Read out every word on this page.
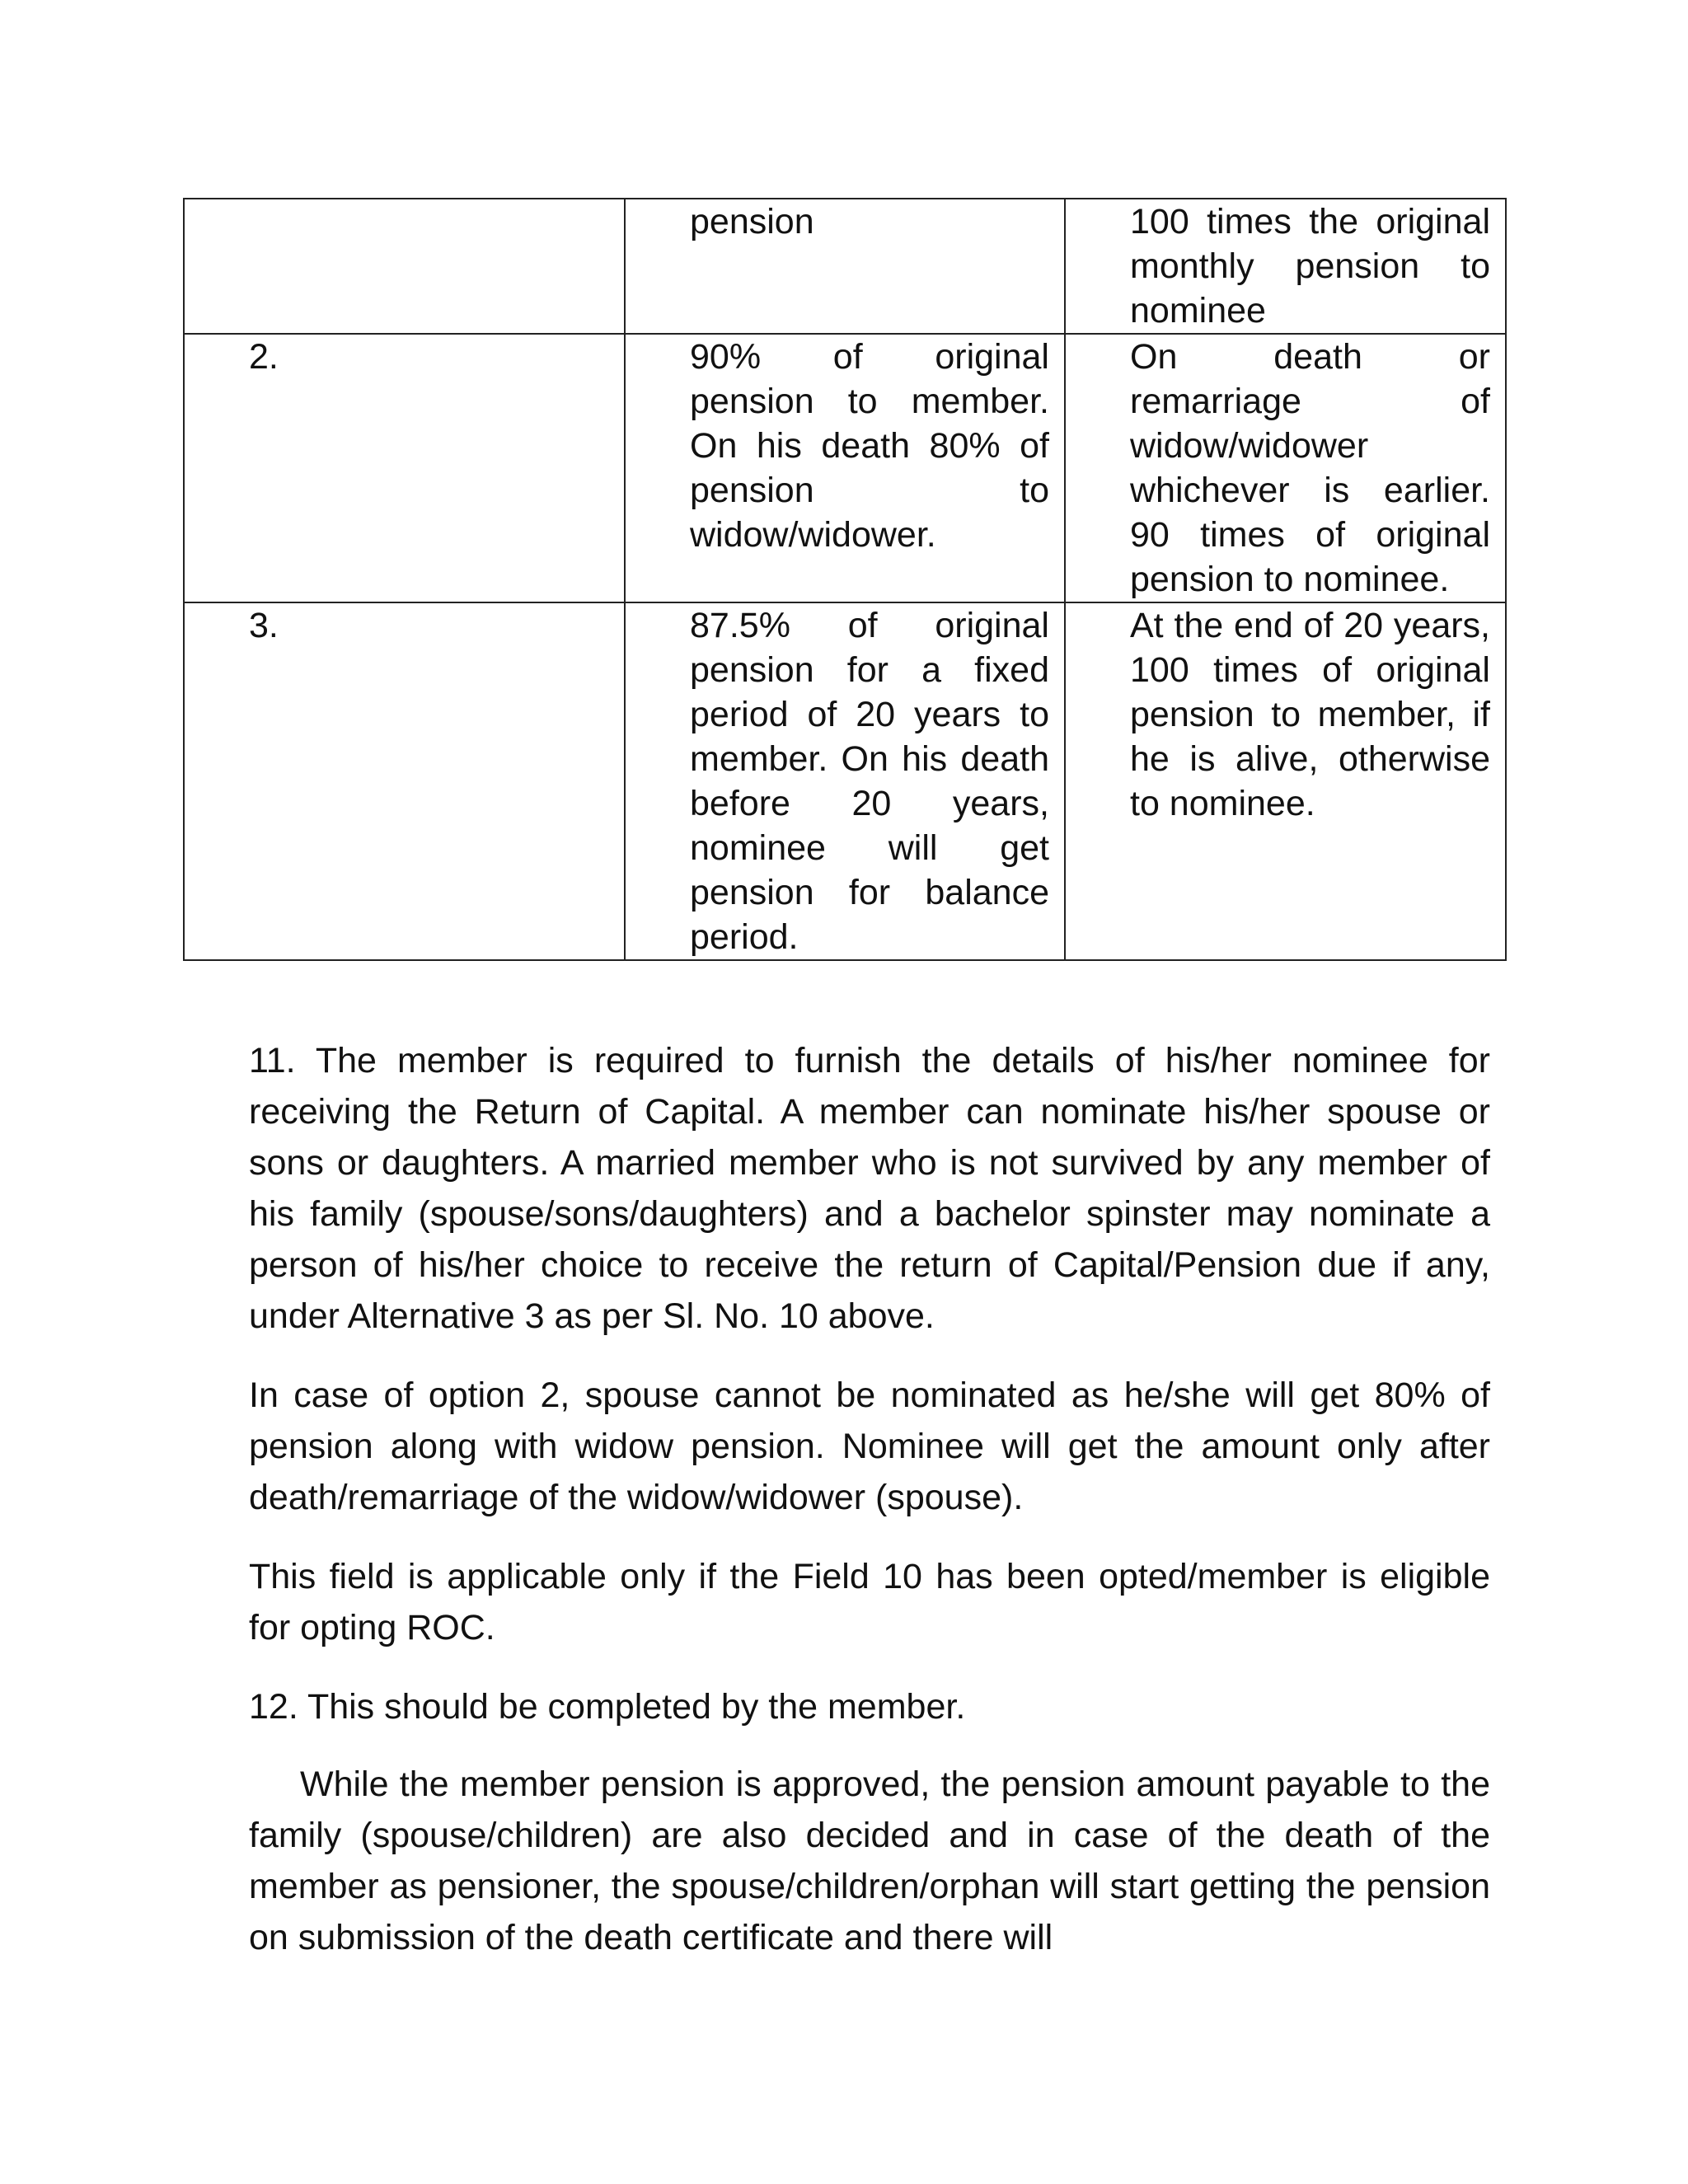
	pension	100 times the original monthly pension to nominee

2.	90% of original pension to member. On his death 80% of pension to widow/widower.	On death or remarriage of widow/widower whichever is earlier. 90 times of original pension to nominee.

3.	87.5% of original pension for a fixed period of 20 years to member. On his death before 20 years, nominee will get pension for balance period.	At the end of 20 years, 100 times of original pension to member, if he is alive, otherwise to nominee.

11. The member is required to furnish the details of his/her nominee for receiving the Return of Capital. A member can nominate his/her spouse or sons or daughters. A married member who is not survived by any member of his family (spouse/sons/daughters) and a bachelor spinster may nominate a person of his/her choice to receive the return of Capital/Pension due if any, under Alternative 3 as per Sl. No. 10 above.

In case of option 2, spouse cannot be nominated as he/she will get 80% of pension along with widow pension. Nominee will get the amount only after death/remarriage of the widow/widower (spouse).

This field is applicable only if the Field 10 has been opted/member is eligible for opting ROC.

12. This should be completed by the member.

While the member pension is approved, the pension amount payable to the family (spouse/children) are also decided and in case of the death of the member as pensioner, the spouse/children/orphan will start getting the pension on submission of the death certificate and there will
